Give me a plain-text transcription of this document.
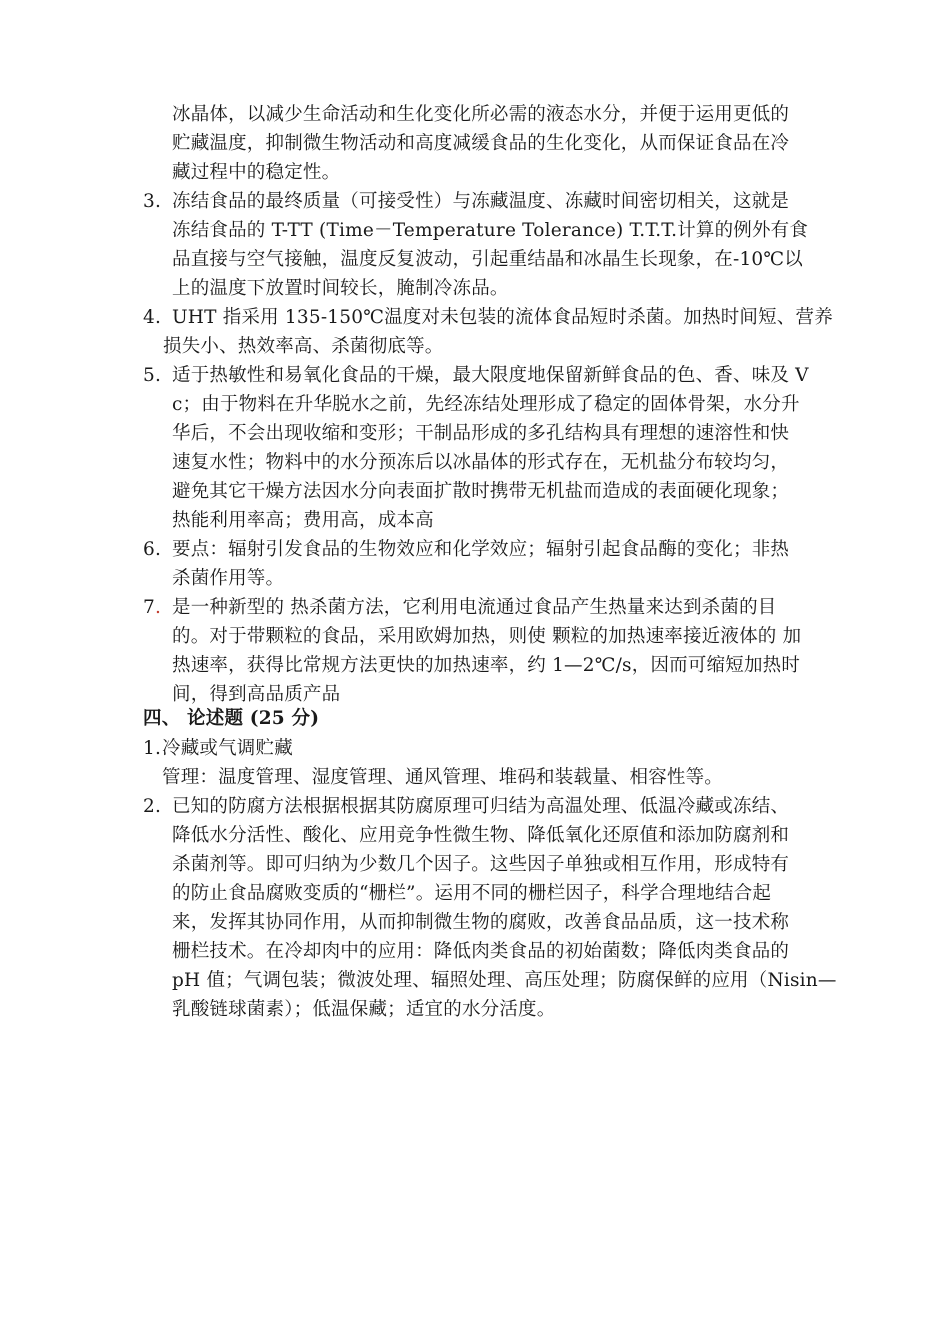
冰晶体，以减少生命活动和生化变化所必需的液态水分，并便于运用更低的
贮藏温度，抑制微生物活动和高度减缓食品的生化变化，从而保证食品在冷
藏过程中的稳定性。
3. 冻结食品的最终质量（可接受性）与冻藏温度、冻藏时间密切相关，这就是
冻结食品的 T-TT (Time－Temperature Tolerance) T.T.T.计算的例外有食
品直接与空气接触，温度反复波动，引起重结晶和冰晶生长现象，在-10℃以
上的温度下放置时间较长，腌制冷冻品。
4. UHT 指采用 135-150℃温度对未包装的流体食品短时杀菌。加热时间短、营养
损失小、热效率高、杀菌彻底等。
5. 适于热敏性和易氧化食品的干燥，最大限度地保留新鲜食品的色、香、味及 V
c；由于物料在升华脱水之前，先经冻结处理形成了稳定的固体骨架，水分升
华后，不会出现收缩和变形；干制品形成的多孔结构具有理想的速溶性和快
速复水性；物料中的水分预冻后以冰晶体的形式存在，无机盐分布较均匀，
避免其它干燥方法因水分向表面扩散时携带无机盐而造成的表面硬化现象；
热能利用率高；费用高，成本高
6. 要点：辐射引发食品的生物效应和化学效应；辐射引起食品酶的变化；非热
杀菌作用等。
7. 是一种新型的 热杀菌方法，它利用电流通过食品产生热量来达到杀菌的目
的。对于带颗粒的食品，采用欧姆加热，则使 颗粒的加热速率接近液体的 加
热速率，获得比常规方法更快的加热速率，约 1—2℃/s，因而可缩短加热时
间，得到高品质产品
四、 论述题 (25 分)
1. 冷藏或气调贮藏
管理：温度管理、湿度管理、通风管理、堆码和装载量、相容性等。
2. 已知的防腐方法根据根据其防腐原理可归结为高温处理、低温冷藏或冻结、
降低水分活性、酸化、应用竞争性微生物、降低氧化还原值和添加防腐剂和
杀菌剂等。即可归纳为少数几个因子。这些因子单独或相互作用，形成特有
的防止食品腐败变质的“栅栏”。运用不同的栅栏因子，科学合理地结合起
来，发挥其协同作用，从而抑制微生物的腐败，改善食品品质，这一技术称
栅栏技术。在冷却肉中的应用：降低肉类食品的初始菌数；降低肉类食品的
pH 值；气调包装；微波处理、辐照处理、高压处理；防腐保鲜的应用（Nisin—
乳酸链球菌素）；低温保藏；适宜的水分活度。
